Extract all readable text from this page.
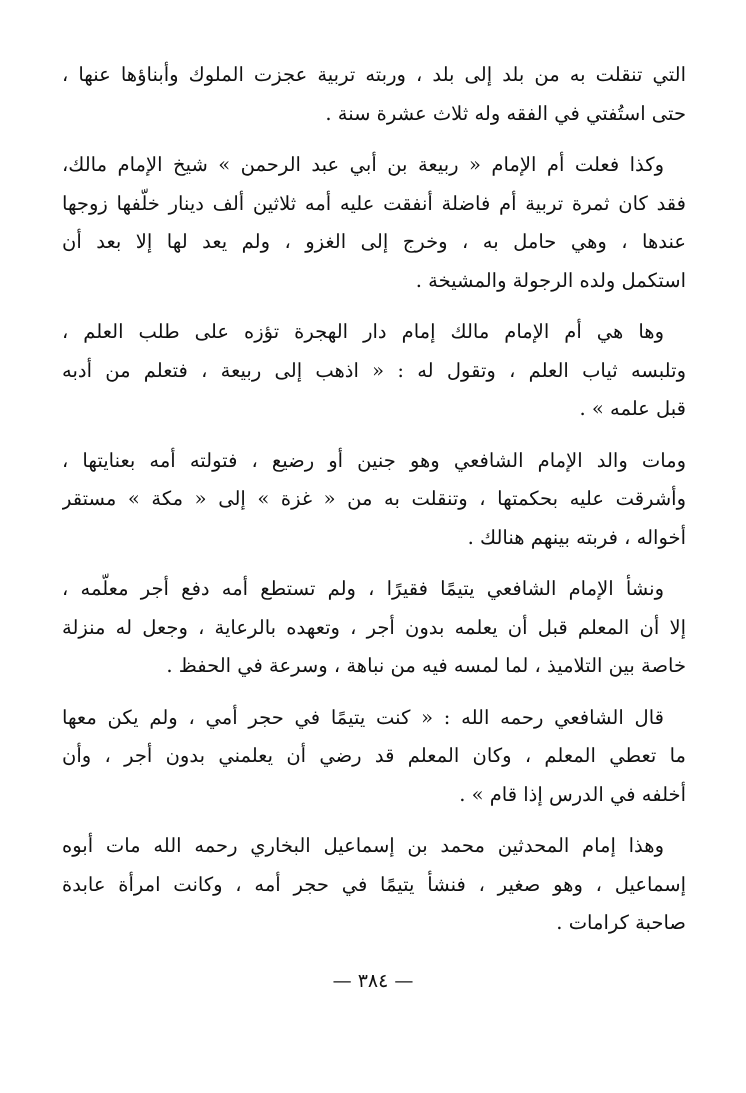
التي تنقلت به من بلد إلى بلد ، وربته تربية عجزت الملوك وأبناؤها عنها ،
حتى استُفتي في الفقه وله ثلاث عشرة سنة .

وكذا فعلت أم الإمام « ربيعة بن أبي عبد الرحمن » شيخ الإمام مالك،
فقد كان ثمرة تربية أم فاضلة أنفقت عليه أمه ثلاثين ألف دينار خلّفها زوجها
عندها ، وهي حامل به ، وخرج إلى الغزو ، ولم يعد لها إلا بعد أن
استكمل ولده الرجولة والمشيخة .

وها هي أم الإمام مالك إمام دار الهجرة تؤزه على طلب العلم ،
وتلبسه ثياب العلم ، وتقول له : « اذهب إلى ربيعة ، فتعلم من أدبه
قبل علمه » .

ومات والد الإمام الشافعي وهو جنين أو رضيع ، فتولته أمه بعنايتها ،
وأشرقت عليه بحكمتها ، وتنقلت به من « غزة » إلى « مكة » مستقر
أخواله ، فربته بينهم هنالك .

ونشأ الإمام الشافعي يتيمًا فقيرًا ، ولم تستطع أمه دفع أجر معلّمه ،
إلا أن المعلم قبل أن يعلمه بدون أجر ، وتعهده بالرعاية ، وجعل له منزلة
خاصة بين التلاميذ ، لما لمسه فيه من نباهة ، وسرعة في الحفظ .

قال الشافعي رحمه الله : « كنت يتيمًا في حجر أمي ، ولم يكن معها
ما تعطي المعلم ، وكان المعلم قد رضي أن يعلمني بدون أجر ، وأن
أخلفه في الدرس إذا قام » .

وهذا إمام المحدثين محمد بن إسماعيل البخاري رحمه الله مات أبوه
إسماعيل ، وهو صغير ، فنشأ يتيمًا في حجر أمه ، وكانت امرأة عابدة
صاحبة كرامات .

— ٣٨٤ —
